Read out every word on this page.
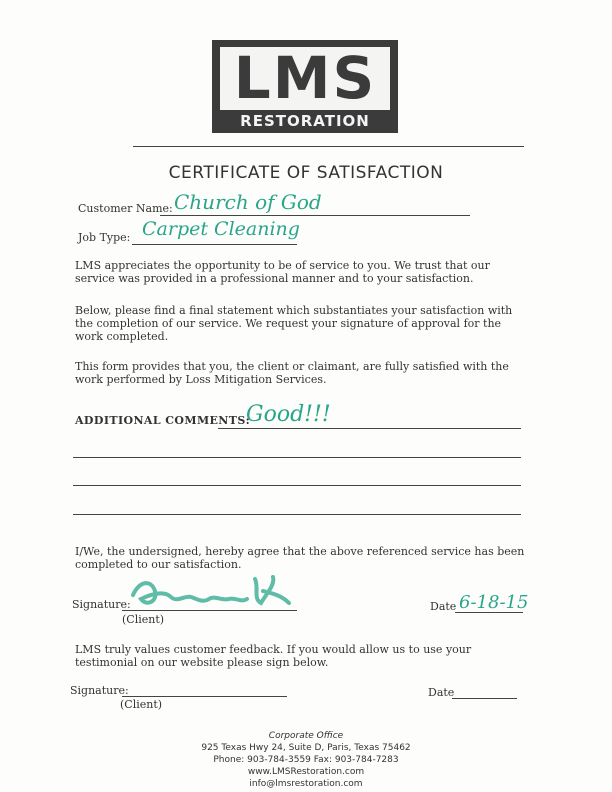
LMS
RESTORATION
CERTIFICATE OF SATISFACTION
Customer Name: Church of God
Job Type: Carpet Cleaning
LMS appreciates the opportunity to be of service to you. We trust that our service was provided in a professional manner and to your satisfaction.
Below, please find a final statement which substantiates your satisfaction with the completion of our service. We request your signature of approval for the work completed.
This form provides that you, the client or claimant, are fully satisfied with the work performed by Loss Mitigation Services.
ADDITIONAL COMMENTS:
Good!!!
I/We, the undersigned, hereby agree that the above referenced service has been completed to our satisfaction.
Signature:
(Client)
Date 6-18-15
LMS truly values customer feedback. If you would allow us to use your testimonial on our website please sign below.
Signature:
(Client)
Date
Corporate Office
925 Texas Hwy 24, Suite D, Paris, Texas 75462
Phone: 903-784-3559 Fax: 903-784-7283
www.LMSRestoration.com
info@lmsrestoration.com
